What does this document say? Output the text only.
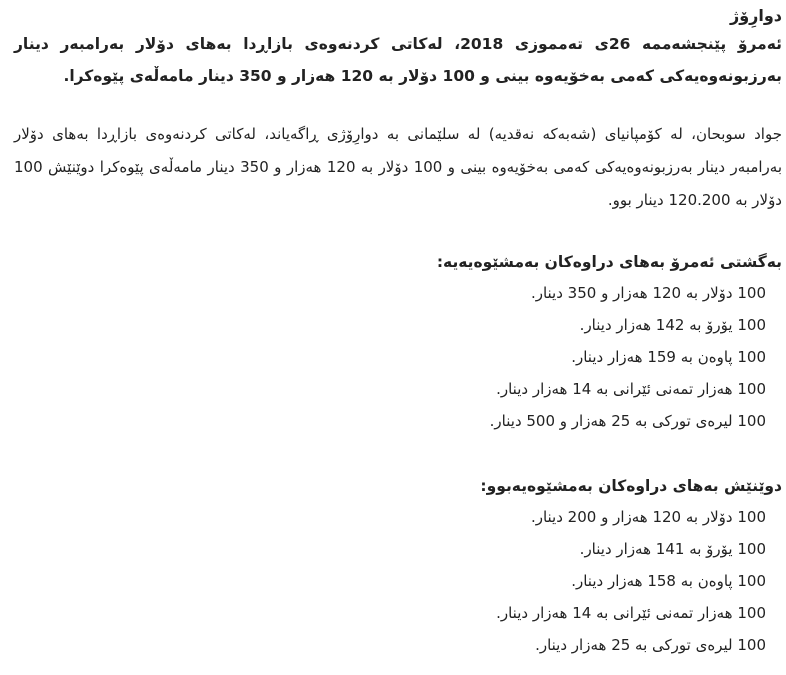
دوارِۆژ

ئەمرۆ پێنجشەممە 26ی تەمموزی 2018، لەکاتی کردنەوەی بازاڕدا بەهای دۆلار بەرامبەر دینار بەرزبونەوەیەکی کەمی بەخۆیەوە بینی و 100 دۆلار بە 120 هەزار و 350 دینار مامەڵەی پێوەکرا.

جواد سوبحان، لە کۆمپانیای (شەبەکە نەقدیە) لە سلێمانی بە دوارِۆژی ڕاگەیاند، لەکاتی کردنەوەی بازاڕدا بەهای دۆلار بەرامبەر دینار بەرزبونەوەیەکی کەمی بەخۆیەوە بینی و 100 دۆلار بە 120 هەزار و 350 دینار مامەڵەی پێوەکرا دوێنێش 100 دۆلار بە 120.200 دینار بوو.

بەگشتی ئەمرۆ بەهای دراوەکان بەمشێوەیەیە:
100 دۆلار بە 120 هەزار و 350 دینار.
100 یۆرۆ بە 142 هەزار دینار.
100 پاوەن بە 159 هەزار دینار.
100 هەزار تمەنی ئێرانی بە 14 هەزار دینار.
100 لیرەی تورکی بە 25 هەزار و 500 دینار.
دوێنێش بەهای دراوەکان بەمشێوەیەبوو:
100 دۆلار بە 120 هەزار و 200 دینار.
100 یۆرۆ بە 141 هەزار دینار.
100 پاوەن بە 158 هەزار دینار.
100 هەزار تمەنی ئێرانی بە 14 هەزار دینار.
100 لیرەی تورکی بە 25 هەزار دینار.
